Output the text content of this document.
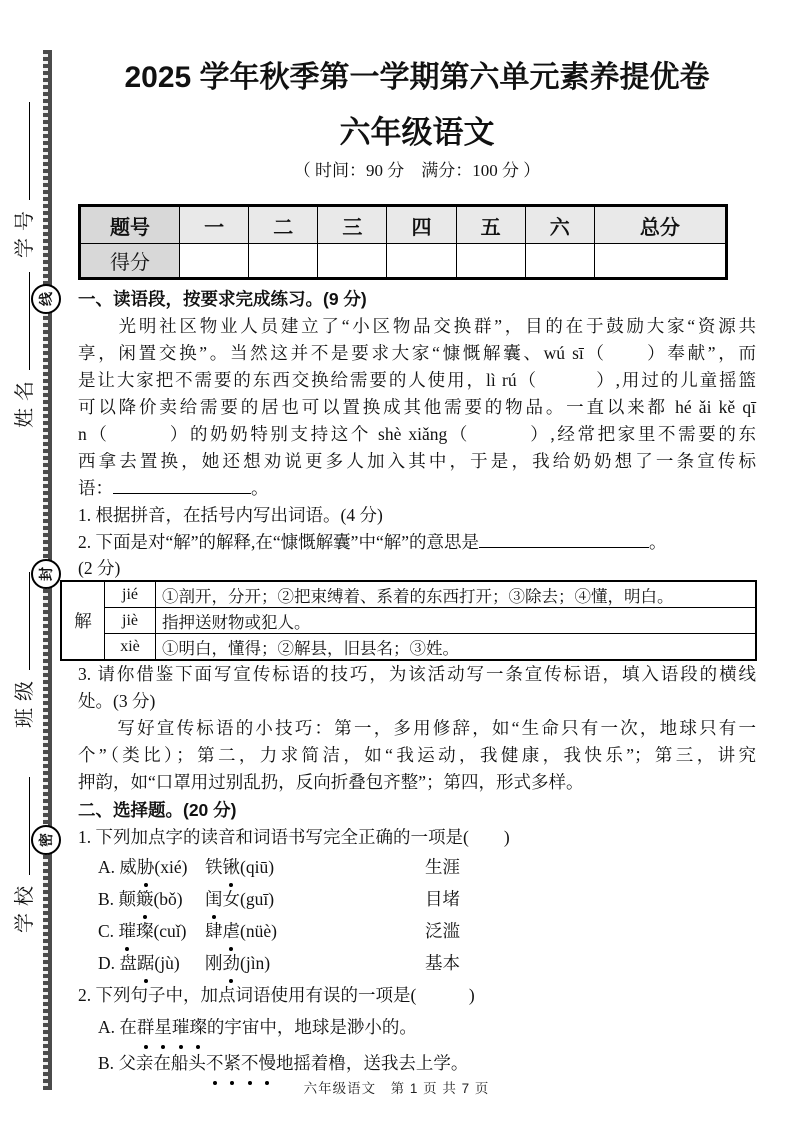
线
封
密
学号
姓名
班级
学校
2025 学年秋季第一学期第六单元素养提优卷
六年级语文
（ 时间：90 分　满分：100 分 ）
题号	一	二	三	四	五	六	总分
得分							
一、读语段，按要求完成练习。(9 分)
　　光明社区物业人员建立了“小区物品交换群”，目的在于鼓励大家“资源共
享，闲置交换”。当然这并不是要求大家“慷慨解囊、wú sī（　　）奉献”，而
是让大家把不需要的东西交换给需要的人使用，lì rú（　　　）,用过的儿童摇篮
可以降价卖给需要的居也可以置换成其他需要的物品。一直以来都 hé ǎi kě qī
n（　　　）的奶奶特别支持这个 shè xiǎng（　　　）,经常把家里不需要的东
西拿去置换，她还想劝说更多人加入其中，于是，我给奶奶想了一条宣传标
语：	。
1. 根据拼音，在括号内写出词语。(4 分)
2. 下面是对“解”的解释,在“慷慨解囊”中“解”的意思是	。
(2 分)
解	jié	①剖开，分开；②把束缚着、系着的东西打开；③除去；④懂，明白。
	jiè	指押送财物或犯人。
	xiè	①明白，懂得；②解县，旧县名；③姓。
3. 请你借鉴下面写宣传标语的技巧，为该活动写一条宣传标语，填入语段的横线
处。(3 分)
　　写好宣传标语的小技巧：第一，多用修辞，如“生命只有一次，地球只有一
个”（类比）；第二，力求简洁，如“我运动，我健康，我快乐”；第三，讲究
押韵，如“口罩用过别乱扔，反向折叠包齐整”；第四，形式多样。
二、选择题。(20 分)
1. 下列加点字的读音和词语书写完全正确的一项是(　　)
A. 威胁(xié)	铁锹(qiū)	生涯
B. 颠簸(bǒ)	闺女(guī)	目堵
C. 璀璨(cuǐ)	肆虐(nüè)	泛滥
D. 盘踞(jù)	刚劲(jìn)	基本
2. 下列句子中，加点词语使用有误的一项是(　　　)
A. 在群星璀璨的宇宙中，地球是渺小的。
B. 父亲在船头不紧不慢地摇着橹，送我去上学。
六年级语文　第 1 页 共 7 页
